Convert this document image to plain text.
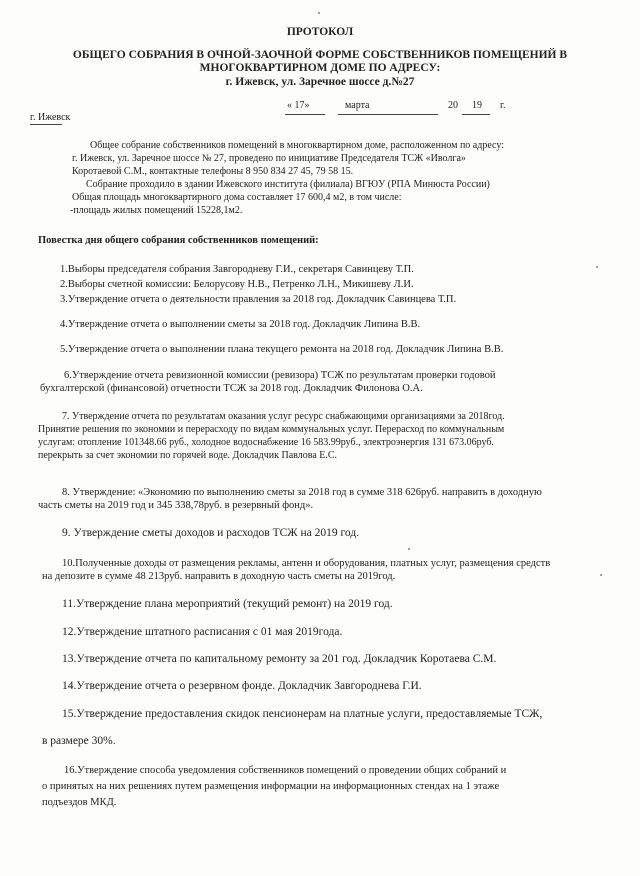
ПРОТОКОЛ
ОБЩЕГО СОБРАНИЯ В ОЧНОЙ-ЗАОЧНОЙ ФОРМЕ СОБСТВЕННИКОВ ПОМЕЩЕНИЙ В
МНОГОКВАРТИРНОМ ДОМЕ ПО АДРЕСУ:
г. Ижевск, ул. Заречное шоссе д.№27
г. Ижевск
« 17»	марта	20 19 г.
Общее собрание собственников помещений в многоквартирном доме, расположенном по адресу:
г. Ижевск, ул. Заречное шоссе № 27, проведено по инициативе Председателя ТСЖ «Иволга»
Коротаевой С.М., контактные телефоны 8 950 834 27 45, 79 58 15.
Собрание проходило в здании Ижевского института (филиала) ВГЮУ (РПА Минюста России)
Общая площадь многоквартирного дома составляет 17 600,4 м2, в том числе:
-площадь жилых помещений 15228,1м2.
Повестка дня общего собрания собственников помещений:
1.Выборы председателя собрания Завгородневу Г.И., секретаря Савинцеву Т.П.
2.Выборы счетной комиссии: Белорусову Н.В., Петренко Л.Н., Микишеву Л.И.
3.Утверждение отчета о деятельности правления за 2018 год. Докладчик Савинцева Т.П.
4.Утверждение отчета о выполнении сметы за 2018 год. Докладчик Липина В.В.
5.Утверждение отчета о выполнении плана текущего ремонта на 2018 год. Докладчик Липина В.В.
6.Утверждение отчета ревизионной комиссии (ревизора) ТСЖ по результатам проверки годовой
бухгалтерской (финансовой) отчетности ТСЖ за 2018 год. Докладчик Филонова О.А.
7. Утверждение отчета по результатам оказания услуг ресурс снабжающими организациями за 2018год.
Принятие решения по экономии и перерасходу по видам коммунальных услуг. Перерасход по коммунальным
услугам: отопление 101348.66 руб., холодное водоснабжение 16 583.99руб., электроэнергия 131 673.06руб.
перекрыть за счет экономии по горячей воде. Докладчик Павлова Е.С.
8. Утверждение: «Экономию по выполнению сметы за 2018 год в сумме 318 626руб. направить в доходную
часть сметы на 2019 год и 345 338,78руб. в резервный фонд».
9. Утверждение сметы доходов и расходов ТСЖ на 2019 год.
10.Полученные доходы от размещения рекламы, антенн и оборудования, платных услуг, размещения средств
на депозите в сумме 48 213руб. направить в доходную часть сметы на 2019год.
11.Утверждение плана мероприятий (текущий ремонт) на 2019 год.
12.Утверждение штатного расписания с 01 мая 2019года.
13.Утверждение отчета по капитальному ремонту за 201 год. Докладчик Коротаева С.М.
14.Утверждение отчета о резервном фонде. Докладчик Завгороднева Г.И.
15.Утверждение предоставления скидок пенсионерам на платные услуги, предоставляемые ТСЖ,
в размере 30%.
16.Утверждение способа уведомления собственников помещений о проведении общих собраний и
о принятых на них решениях путем размещения информации на информационных стендах на 1 этаже
подъездов МКД.
